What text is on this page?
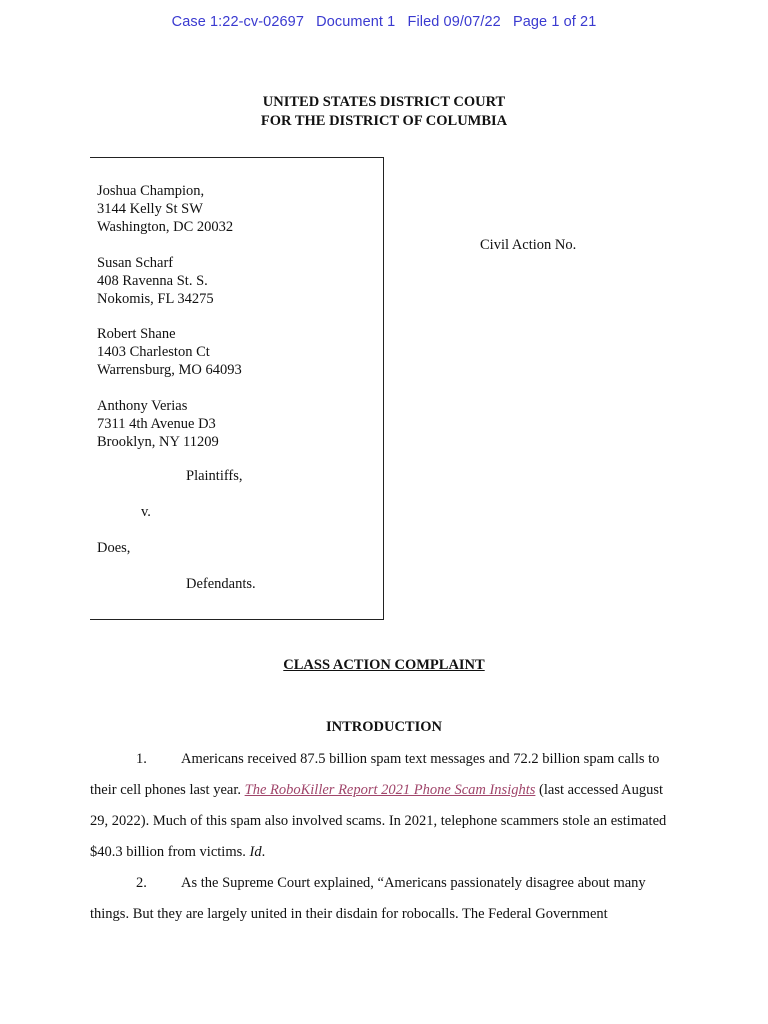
Case 1:22-cv-02697 Document 1 Filed 09/07/22 Page 1 of 21
UNITED STATES DISTRICT COURT
FOR THE DISTRICT OF COLUMBIA
Joshua Champion,
3144 Kelly St SW
Washington, DC 20032
Susan Scharf
408 Ravenna St. S.
Nokomis, FL 34275
Robert Shane
1403 Charleston Ct
Warrensburg, MO 64093
Anthony Verias
7311 4th Avenue D3
Brooklyn, NY 11209
Plaintiffs,
v.
Does,
Defendants.
Civil Action No.
CLASS ACTION COMPLAINT
INTRODUCTION
1. Americans received 87.5 billion spam text messages and 72.2 billion spam calls to their cell phones last year. The RoboKiller Report 2021 Phone Scam Insights (last accessed August 29, 2022). Much of this spam also involved scams. In 2021, telephone scammers stole an estimated $40.3 billion from victims. Id.
2. As the Supreme Court explained, “Americans passionately disagree about many things. But they are largely united in their disdain for robocalls. The Federal Government
